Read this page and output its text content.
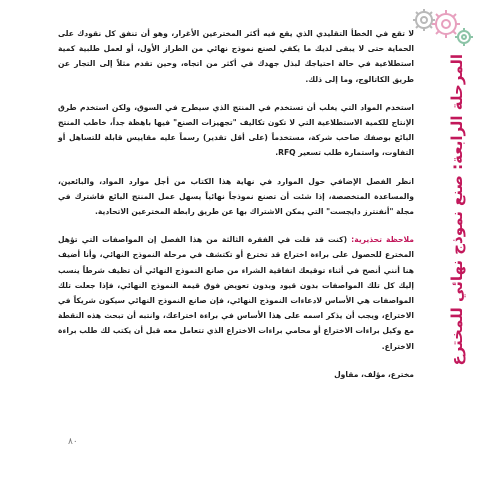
المرحلة الرابعة: صنع نموذج نهائي للمخترع

لا تقع في الخطأ التقليدي الذي يقع فيه أكثر المخترعين الأغرار، وهو أن تنفق كل نقودك على الحماية حتى لا يبقى لديك ما يكفي لصنع نموذج نهائي من الطراز الأول، أو لعمل طلبية كمية استطلاعية في حالة احتياجك لبذل جهدك في أكثر من اتجاه، وحين تقدم مثلاً إلى التجار عن طريق الكاتالوج، وما إلى ذلك.

استخدم المواد التي يغلب أن تستخدم في المنتج الذي سيطرح في السوق، ولكن استخدم طرق الإنتاج للكمية الاستطلاعية التي لا تكون تكاليف "تجهيزات الصنع" فيها باهظة جداً، خاطب المنتج البائع بوصفك صاحب شركة، مستخدماً (على أقل تقدير) رسماً عليه مقاييس قابلة للتساهل أو التفاوت، واستمارة طلب تسعير RFQ.

انظر الفصل الإضافي حول الموارد في نهاية هذا الكتاب من أجل موارد المواد، والبائعين، والمساعدة المتخصصة، إذا شئت أن تصنع نموذجاً نهائياً يسهل عمل المنتج البائع فاشترك في مجلة "أنفنترز دايجست" التي يمكن الاشتراك بها عن طريق رابطة المخترعين الاتحادية.

ملاحظة تحذيرية: (كنت قد قلت في الفقرة الثالثة من هذا الفصل إن المواصفات التي تؤهل المخترع للحصول على براءة اختراع قد تخترع أو تكتشف في مرحلة النموذج النهائي، وأنا أضيف هنا أنني أنصح في أثناء توقيعك اتفاقية الشراء من صانع النموذج النهائي أن تظيف شرطاً ينسب إليك كل تلك المواصفات بدون قيود وبدون تعويض فوق قيمة النموذج النهائي، فإذا جعلت تلك المواصفات هي الأساس لادعاءات النموذج النهائي، فإن صانع النموذج النهائي سيكون شريكاً في الاختراع، ويجب أن يذكر اسمه على هذا الأساس في براءة اختراعك، وانتبه أن تبحث هذه النقطة مع وكيل براءات الاختراع أو محامي براءات الاختراع الذي تتعامل معه قبل أن يكتب لك طلب براءة الاختراع.

مخترع، مؤلف، مقاول

٨٠
